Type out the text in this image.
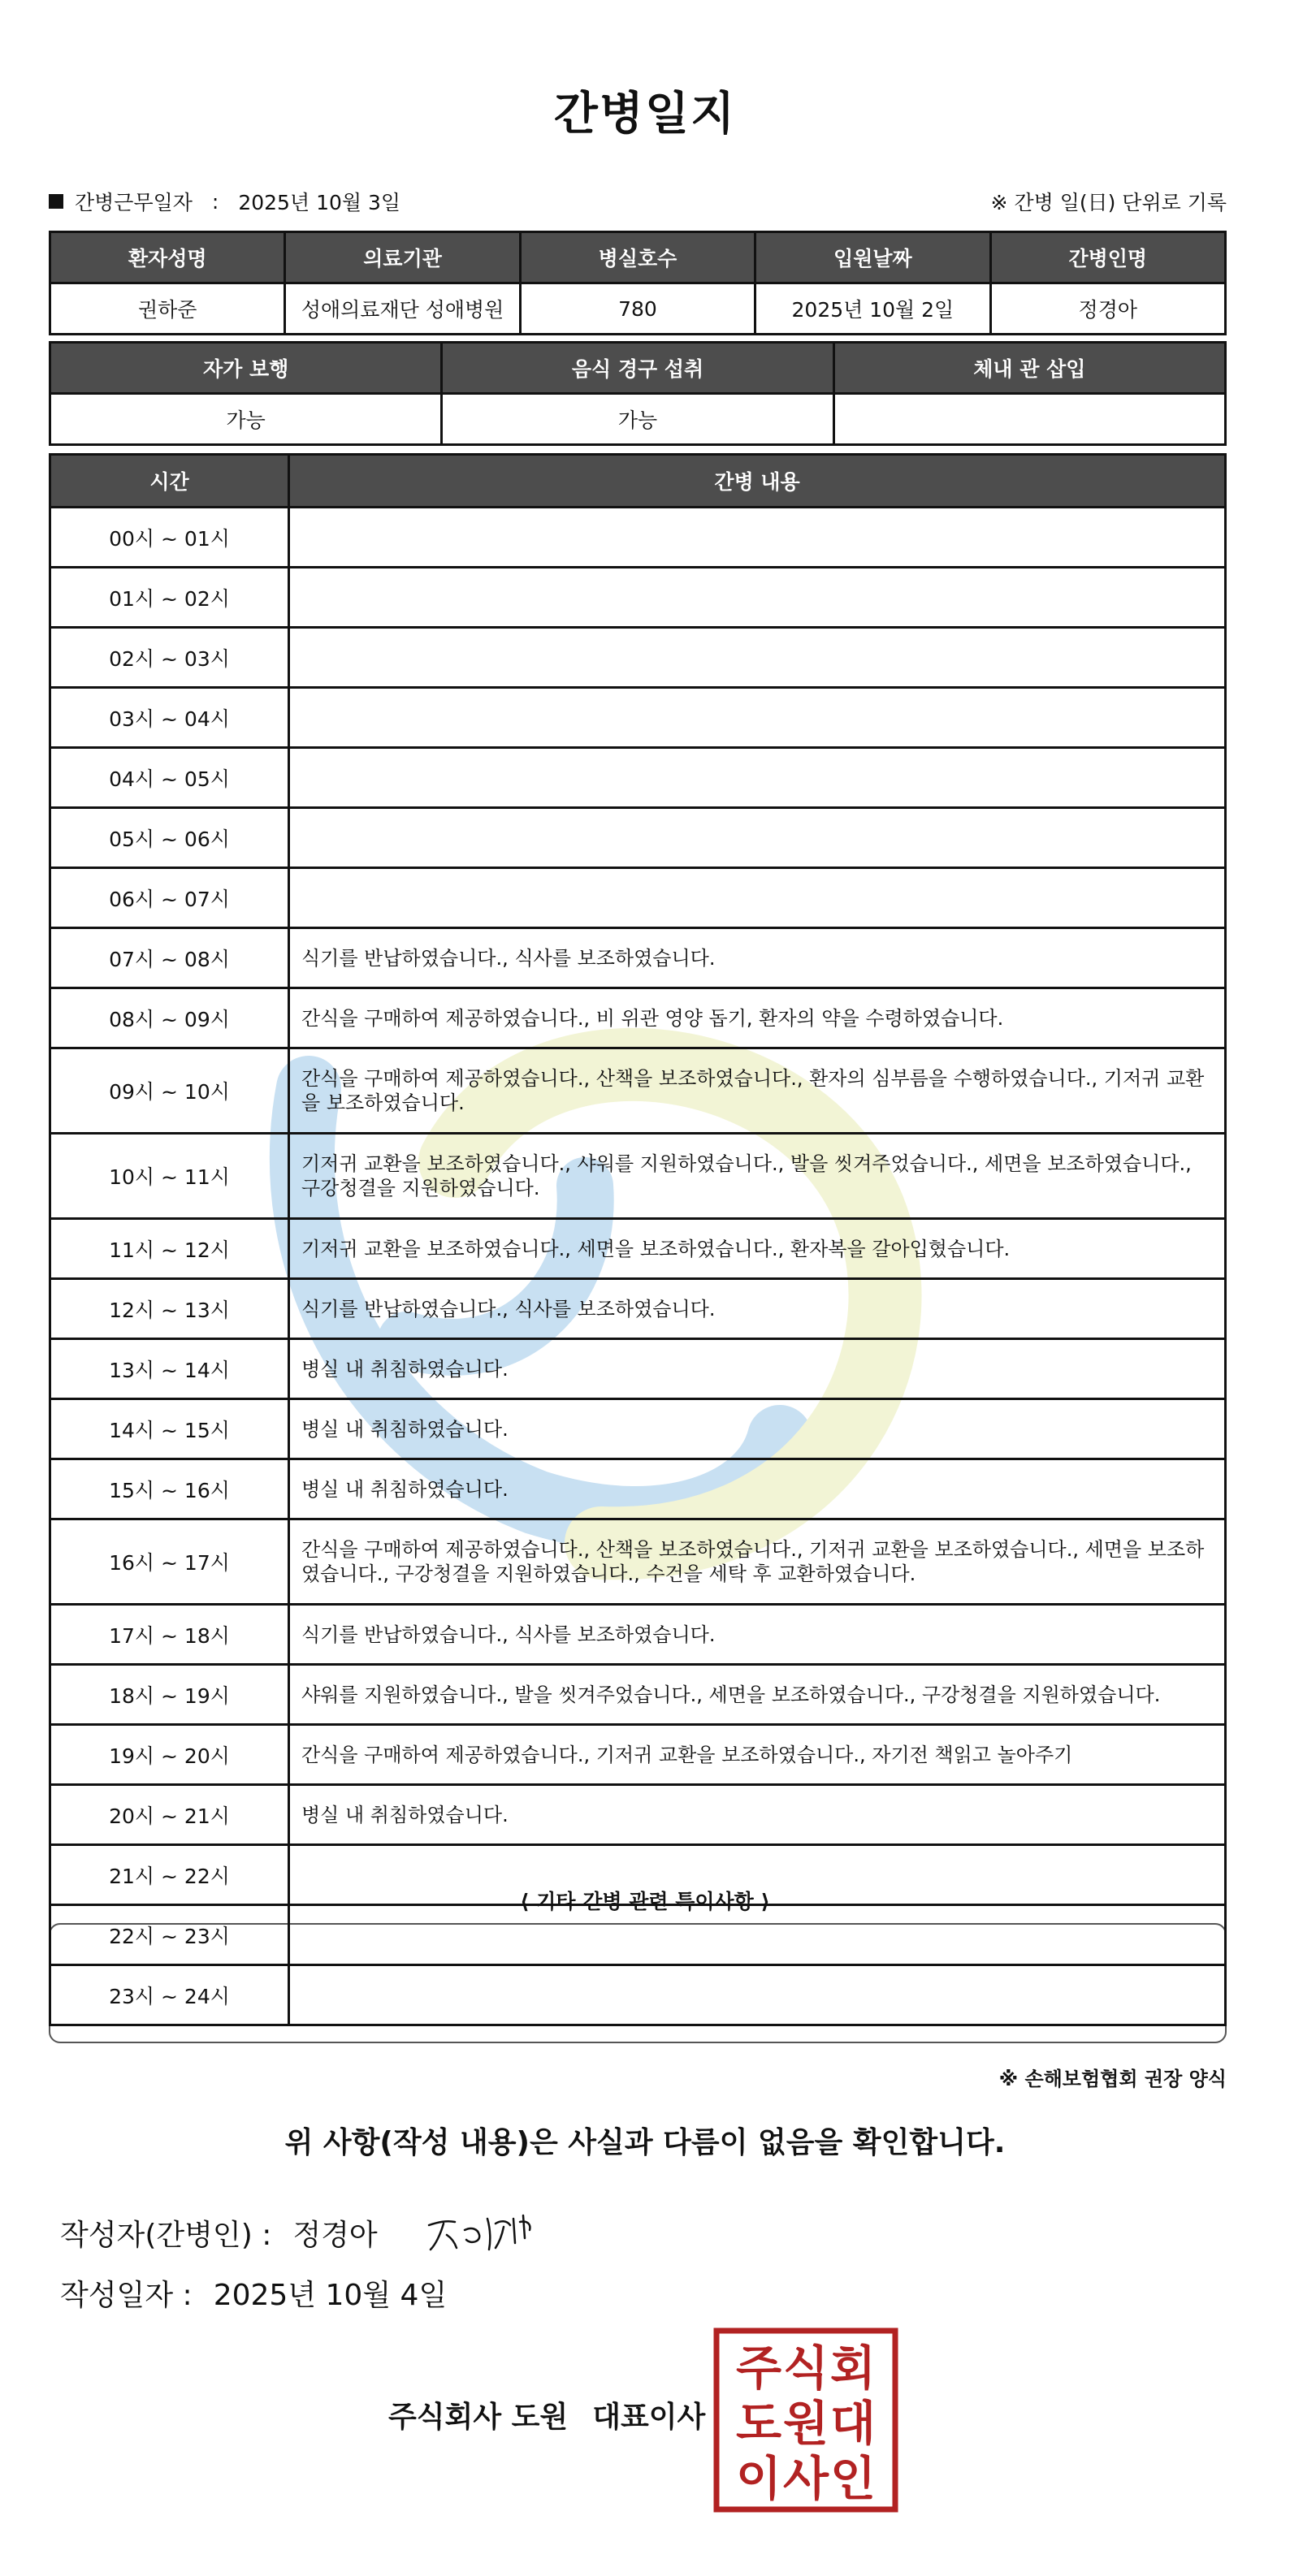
간병일지
간병근무일자 : 2025년 10월 3일	※ 간병 일(日) 단위로 기록
환자성명	의료기관	병실호수	입원날짜	간병인명
권하준	성애의료재단 성애병원	780	2025년 10월 2일	정경아
자가 보행	음식 경구 섭취	체내 관 삽입
가능	가능	
시간	간병 내용
00시 ~ 01시	
01시 ~ 02시	
02시 ~ 03시	
03시 ~ 04시	
04시 ~ 05시	
05시 ~ 06시	
06시 ~ 07시	
07시 ~ 08시	식기를 반납하였습니다., 식사를 보조하였습니다.
08시 ~ 09시	간식을 구매하여 제공하였습니다., 비 위관 영양 돕기, 환자의 약을 수령하였습니다.
09시 ~ 10시	간식을 구매하여 제공하였습니다., 산책을 보조하였습니다., 환자의 심부름을 수행하였습니다., 기저귀 교환을 보조하였습니다.
10시 ~ 11시	기저귀 교환을 보조하였습니다., 샤워를 지원하였습니다., 발을 씻겨주었습니다., 세면을 보조하였습니다., 구강청결을 지원하였습니다.
11시 ~ 12시	기저귀 교환을 보조하였습니다., 세면을 보조하였습니다., 환자복을 갈아입혔습니다.
12시 ~ 13시	식기를 반납하였습니다., 식사를 보조하였습니다.
13시 ~ 14시	병실 내 취침하였습니다.
14시 ~ 15시	병실 내 취침하였습니다.
15시 ~ 16시	병실 내 취침하였습니다.
16시 ~ 17시	간식을 구매하여 제공하였습니다., 산책을 보조하였습니다., 기저귀 교환을 보조하였습니다., 세면을 보조하였습니다., 구강청결을 지원하였습니다., 수건을 세탁 후 교환하였습니다.
17시 ~ 18시	식기를 반납하였습니다., 식사를 보조하였습니다.
18시 ~ 19시	샤워를 지원하였습니다., 발을 씻겨주었습니다., 세면을 보조하였습니다., 구강청결을 지원하였습니다.
19시 ~ 20시	간식을 구매하여 제공하였습니다., 기저귀 교환을 보조하였습니다., 자기전 책읽고 놀아주기
20시 ~ 21시	병실 내 취침하였습니다.
21시 ~ 22시	
22시 ~ 23시	
23시 ~ 24시	
⟨ 기타 간병 관련 특이사항 ⟩
※ 손해보험협회 권장 양식
위 사항(작성 내용)은 사실과 다름이 없음을 확인합니다.
작성자(간병인) : 정경아
작성일자 : 2025년 10월 4일
주식회사 도원 대표이사
주 식 회
도 원 대
이 사 인
